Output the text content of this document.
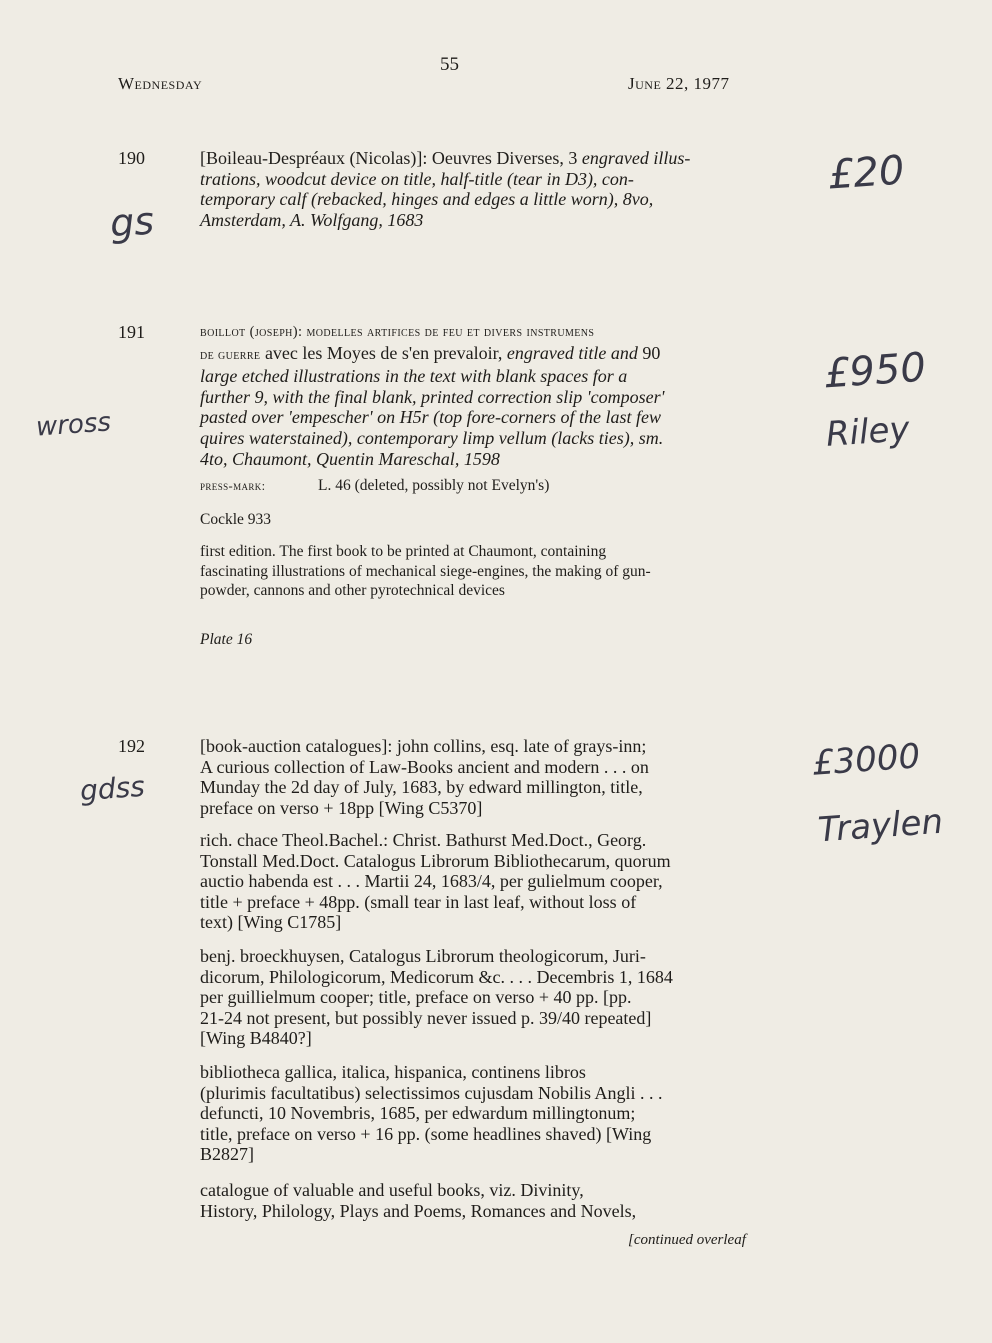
55
Wednesday	June 22, 1977
190	[Boileau-Despréaux (Nicolas)]: Oeuvres Diverses, 3 engraved illus-
trations, woodcut device on title, half-title (tear in D3), con-
temporary calf (rebacked, hinges and edges a little worn), 8vo,
Amsterdam, A. Wolfgang, 1683
191	boillot (joseph): modelles artifices de feu et divers instrumens
de guerre avec les Moyes de s'en prevaloir, engraved title and 90
large etched illustrations in the text with blank spaces for a
further 9, with the final blank, printed correction slip 'composer'
pasted over 'empescher' on H5r (top fore-corners of the last few
quires waterstained), contemporary limp vellum (lacks ties), sm.
4to, Chaumont, Quentin Mareschal, 1598
press-mark:	L. 46 (deleted, possibly not Evelyn's)
Cockle 933
first edition. The first book to be printed at Chaumont, containing
fascinating illustrations of mechanical siege-engines, the making of gun-
powder, cannons and other pyrotechnical devices
Plate 16
192	[book-auction catalogues]: john collins, esq. late of grays-inn;
A curious collection of Law-Books ancient and modern . . . on
Munday the 2d day of July, 1683, by edward millington, title,
preface on verso + 18pp [Wing C5370]
rich. chace Theol.Bachel.: Christ. Bathurst Med.Doct., Georg.
Tonstall Med.Doct. Catalogus Librorum Bibliothecarum, quorum
auctio habenda est . . . Martii 24, 1683/4, per gulielmum cooper,
title + preface + 48pp. (small tear in last leaf, without loss of
text) [Wing C1785]
benj. broeckhuysen, Catalogus Librorum theologicorum, Juri-
dicorum, Philologicorum, Medicorum &c. . . . Decembris 1, 1684
per guillielmum cooper; title, preface on verso + 40 pp. [pp.
21-24 not present, but possibly never issued p. 39/40 repeated]
[Wing B4840?]
bibliotheca gallica, italica, hispanica, continens libros
(plurimis facultatibus) selectissimos cujusdam Nobilis Angli . . .
defuncti, 10 Novembris, 1685, per edwardum millingtonum;
title, preface on verso + 16 pp. (some headlines shaved) [Wing
B2827]
catalogue of valuable and useful books, viz. Divinity,
History, Philology, Plays and Poems, Romances and Novels,
[continued overleaf
£20
gs
£950
Riley
wross
£3000
Traylen
gdss
